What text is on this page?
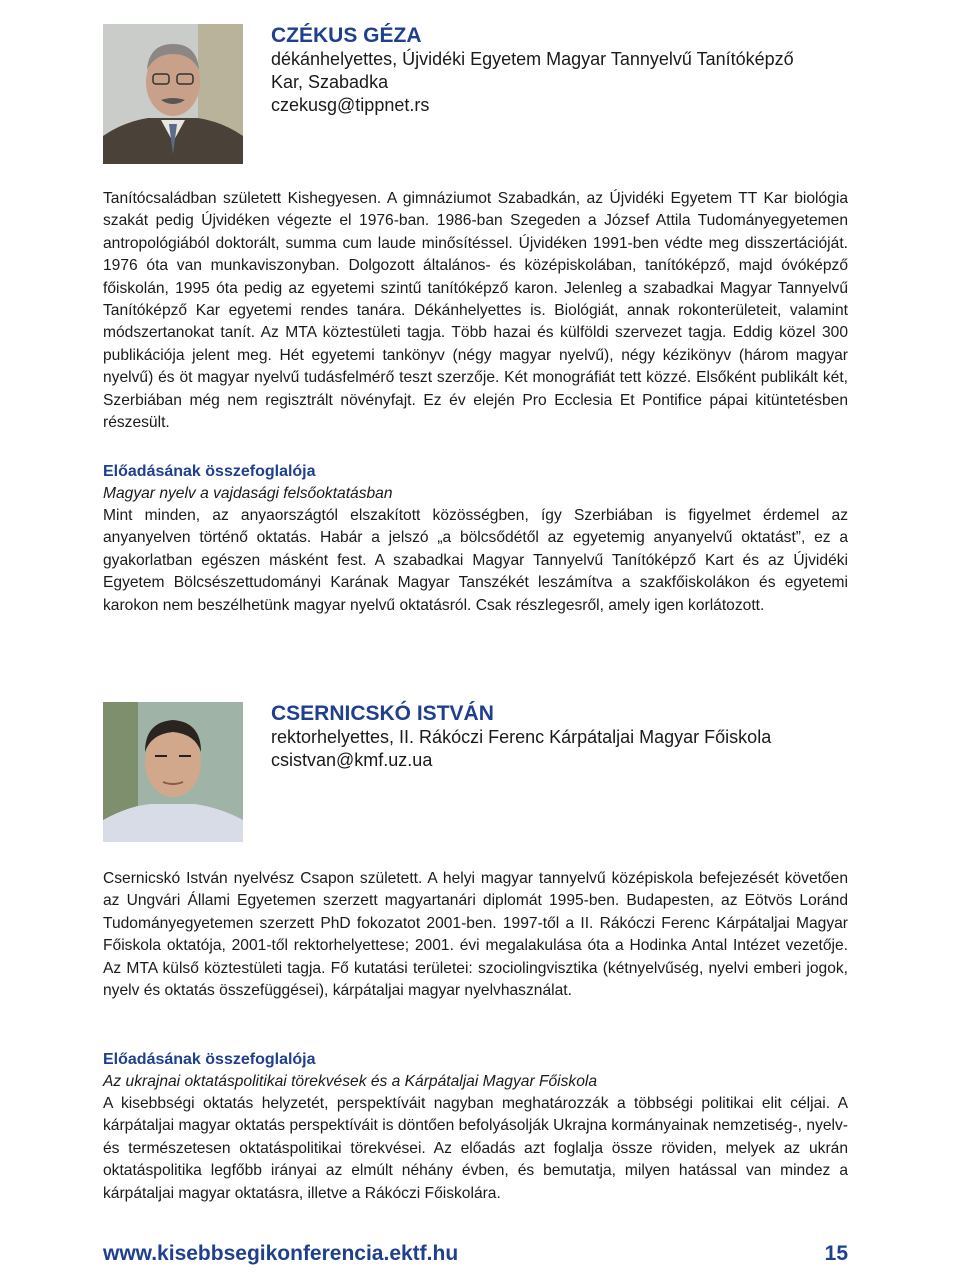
CZÉKUS GÉZA
dékánhelyettes, Újvidéki Egyetem Magyar Tannyelvű Tanítóképző
Kar, Szabadka
czekusg@tippnet.rs

Tanítócsaládban született Kishegyesen. A gimnáziumot Szabadkán, az Újvidéki Egyetem TT Kar biológia szakát pedig Újvidéken végezte el 1976-ban. 1986-ban Szegeden a József Attila Tudományegyetemen antropológiából doktorált, summa cum laude minősítéssel. Újvidéken 1991-ben védte meg disszertációját. 1976 óta van munkaviszonyban. Dolgozott általános- és középiskolában, tanítóképző, majd óvóképző főiskolán, 1995 óta pedig az egyetemi szintű tanítóképző karon. Jelenleg a szabadkai Magyar Tannyelvű Tanítóképző Kar egyetemi rendes tanára. Dékánhelyettes is. Biológiát, annak rokonterületeit, valamint módszertanokat tanít. Az MTA köztestületi tagja. Több hazai és külföldi szervezet tagja. Eddig közel 300 publikációja jelent meg. Hét egyetemi tankönyv (négy magyar nyelvű), négy kézikönyv (három magyar nyelvű) és öt magyar nyelvű tudásfelmérő teszt szerzője. Két monográfiát tett közzé. Elsőként publikált két, Szerbiában még nem regisztrált növényfajt. Ez év elején Pro Ecclesia Et Pontifice pápai kitüntetésben részesült.

Előadásának összefoglalója
Magyar nyelv a vajdasági felsőoktatásban

Mint minden, az anyaországtól elszakított közösségben, így Szerbiában is figyelmet érdemel az anyanyelven történő oktatás. Habár a jelszó „a bölcsődétől az egyetemig anyanyelvű oktatást”, ez a gyakorlatban egészen másként fest. A szabadkai Magyar Tannyelvű Tanítóképző Kart és az Újvidéki Egyetem Bölcsészettudományi Karának Magyar Tanszékét leszámítva a szakfőiskolákon és egyetemi karokon nem beszélhetünk magyar nyelvű oktatásról. Csak részlegesről, amely igen korlátozott.

CSERNICSKÓ ISTVÁN
rektorhelyettes, II. Rákóczi Ferenc Kárpátaljai Magyar Főiskola
csistvan@kmf.uz.ua

Csernicskó István nyelvész Csapon született. A helyi magyar tannyelvű középiskola befejezését követően az Ungvári Állami Egyetemen szerzett magyartanári diplomát 1995-ben. Budapesten, az Eötvös Loránd Tudományegyetemen szerzett PhD fokozatot 2001-ben. 1997-től a II. Rákóczi Ferenc Kárpátaljai Magyar Főiskola oktatója, 2001-től rektorhelyettese; 2001. évi megalakulása óta a Hodinka Antal Intézet vezetője. Az MTA külső köztestületi tagja. Fő kutatási területei: szociolingvisztika (kétnyelvűség, nyelvi emberi jogok, nyelv és oktatás összefüggései), kárpátaljai magyar nyelvhasználat.

Előadásának összefoglalója
Az ukrajnai oktatáspolitikai törekvések és a Kárpátaljai Magyar Főiskola

A kisebbségi oktatás helyzetét, perspektíváit nagyban meghatározzák a többségi politikai elit céljai. A kárpátaljai magyar oktatás perspektíváit is döntően befolyásolják Ukrajna kormányainak nemzetiség-, nyelv- és természetesen oktatáspolitikai törekvései. Az előadás azt foglalja össze röviden, melyek az ukrán oktatáspolitika legfőbb irányai az elmúlt néhány évben, és bemutatja, milyen hatással van mindez a kárpátaljai magyar oktatásra, illetve a Rákóczi Főiskolára.

www.kisebbsegikonferencia.ektf.hu	15
